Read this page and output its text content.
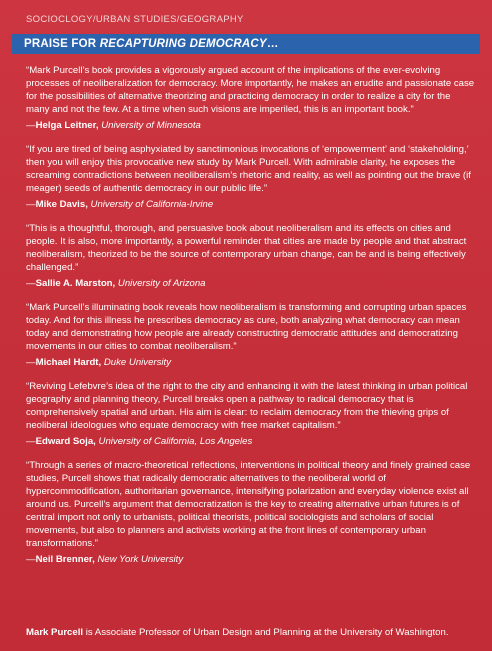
SOCIOCLOGY/URBAN STUDIES/GEOGRAPHY
PRAISE FOR RECAPTURING DEMOCRACY…

“Mark Purcell’s book provides a vigorously argued account of the implications of the ever-evolving processes of neoliberalization for democracy. More importantly, he makes an erudite and passionate case for the possibilities of alternative theorizing and practicing democracy in order to realize a city for the many and not the few. At a time when such visions are imperiled, this is an important book.”

—Helga Leitner, University of Minnesota

“If you are tired of being asphyxiated by sanctimonious invocations of ‘empowerment’ and ‘stakeholding,’ then you will enjoy this provocative new study by Mark Purcell. With admirable clarity, he exposes the screaming contradictions between neoliberalism’s rhetoric and reality, as well as pointing out the brave (if meager) seeds of authentic democracy in our public life.”

—Mike Davis, University of California-Irvine

“This is a thoughtful, thorough, and persuasive book about neoliberalism and its effects on cities and people. It is also, more importantly, a powerful reminder that cities are made by people and that abstract neoliberalism, theorized to be the source of contemporary urban change, can be and is being effectively challenged.”

—Sallie A. Marston, University of Arizona

“Mark Purcell’s illuminating book reveals how neoliberalism is transforming and corrupting urban spaces today. And for this illness he prescribes democracy as cure, both analyzing what democracy can mean today and demonstrating how people are already constructing democratic attitudes and democratizing movements in our cities to combat neoliberalism.”

—Michael Hardt, Duke University

“Reviving Lefebvre’s idea of the right to the city and enhancing it with the latest thinking in urban political geography and planning theory, Purcell breaks open a pathway to radical democracy that is comprehensively spatial and urban. His aim is clear: to reclaim democracy from the thieving grips of neoliberal ideologues who equate democracy with free market capitalism.”

—Edward Soja, University of California, Los Angeles

“Through a series of macro-theoretical reflections, interventions in political theory and finely grained case studies, Purcell shows that radically democratic alternatives to the neoliberal world of hypercommodification, authoritarian governance, intensifying polarization and everyday violence exist all around us. Purcell’s argument that democratization is the key to creating alternative urban futures is of central import not only to urbanists, political theorists, political sociologists and scholars of social movements, but also to planners and activists working at the front lines of contemporary urban transformations.”

—Neil Brenner, New York University
Mark Purcell is Associate Professor of Urban Design and Planning at the University of Washington.
